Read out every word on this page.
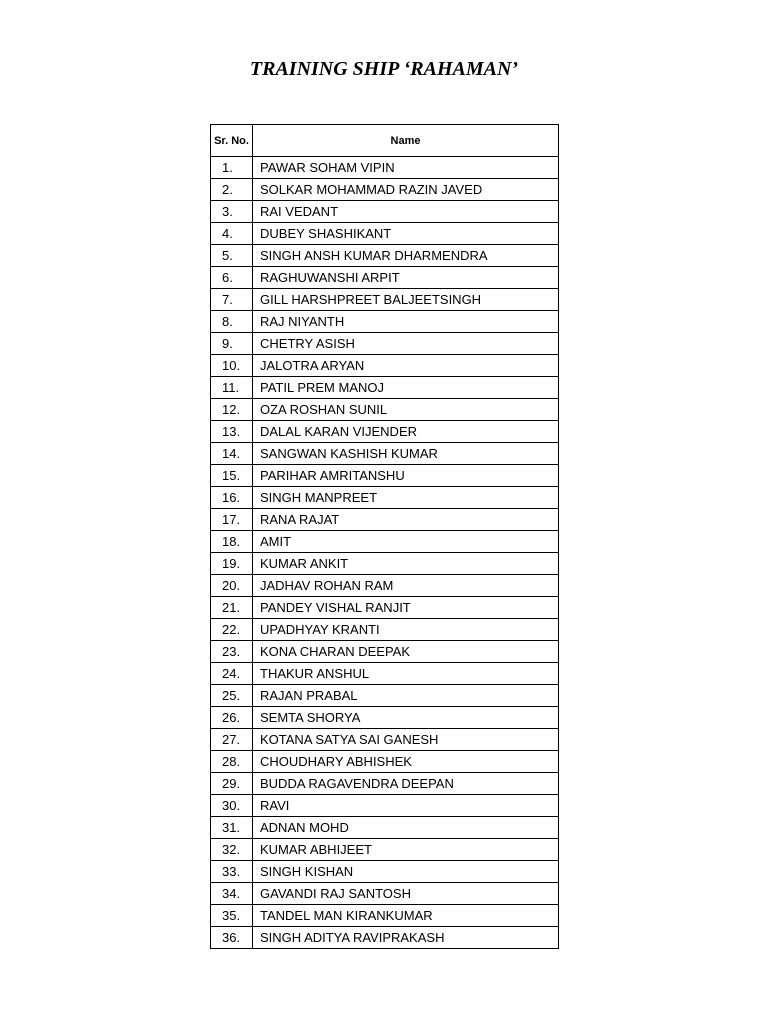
TRAINING SHIP ‘RAHAMAN’
Sr. No.	Name
1.	PAWAR SOHAM VIPIN
2.	SOLKAR MOHAMMAD RAZIN JAVED
3.	RAI VEDANT
4.	DUBEY SHASHIKANT
5.	SINGH ANSH KUMAR DHARMENDRA
6.	RAGHUWANSHI ARPIT
7.	GILL HARSHPREET BALJEETSINGH
8.	RAJ NIYANTH
9.	CHETRY ASISH
10.	JALOTRA ARYAN
11.	PATIL PREM MANOJ
12.	OZA ROSHAN SUNIL
13.	DALAL KARAN VIJENDER
14.	SANGWAN KASHISH KUMAR
15.	PARIHAR AMRITANSHU
16.	SINGH MANPREET
17.	RANA RAJAT
18.	AMIT
19.	KUMAR ANKIT
20.	JADHAV ROHAN RAM
21.	PANDEY VISHAL RANJIT
22.	UPADHYAY KRANTI
23.	KONA CHARAN DEEPAK
24.	THAKUR ANSHUL
25.	RAJAN PRABAL
26.	SEMTA SHORYA
27.	KOTANA SATYA SAI GANESH
28.	CHOUDHARY ABHISHEK
29.	BUDDA RAGAVENDRA DEEPAN
30.	RAVI
31.	ADNAN MOHD
32.	KUMAR ABHIJEET
33.	SINGH KISHAN
34.	GAVANDI RAJ SANTOSH
35.	TANDEL MAN KIRANKUMAR
36.	SINGH ADITYA RAVIPRAKASH
